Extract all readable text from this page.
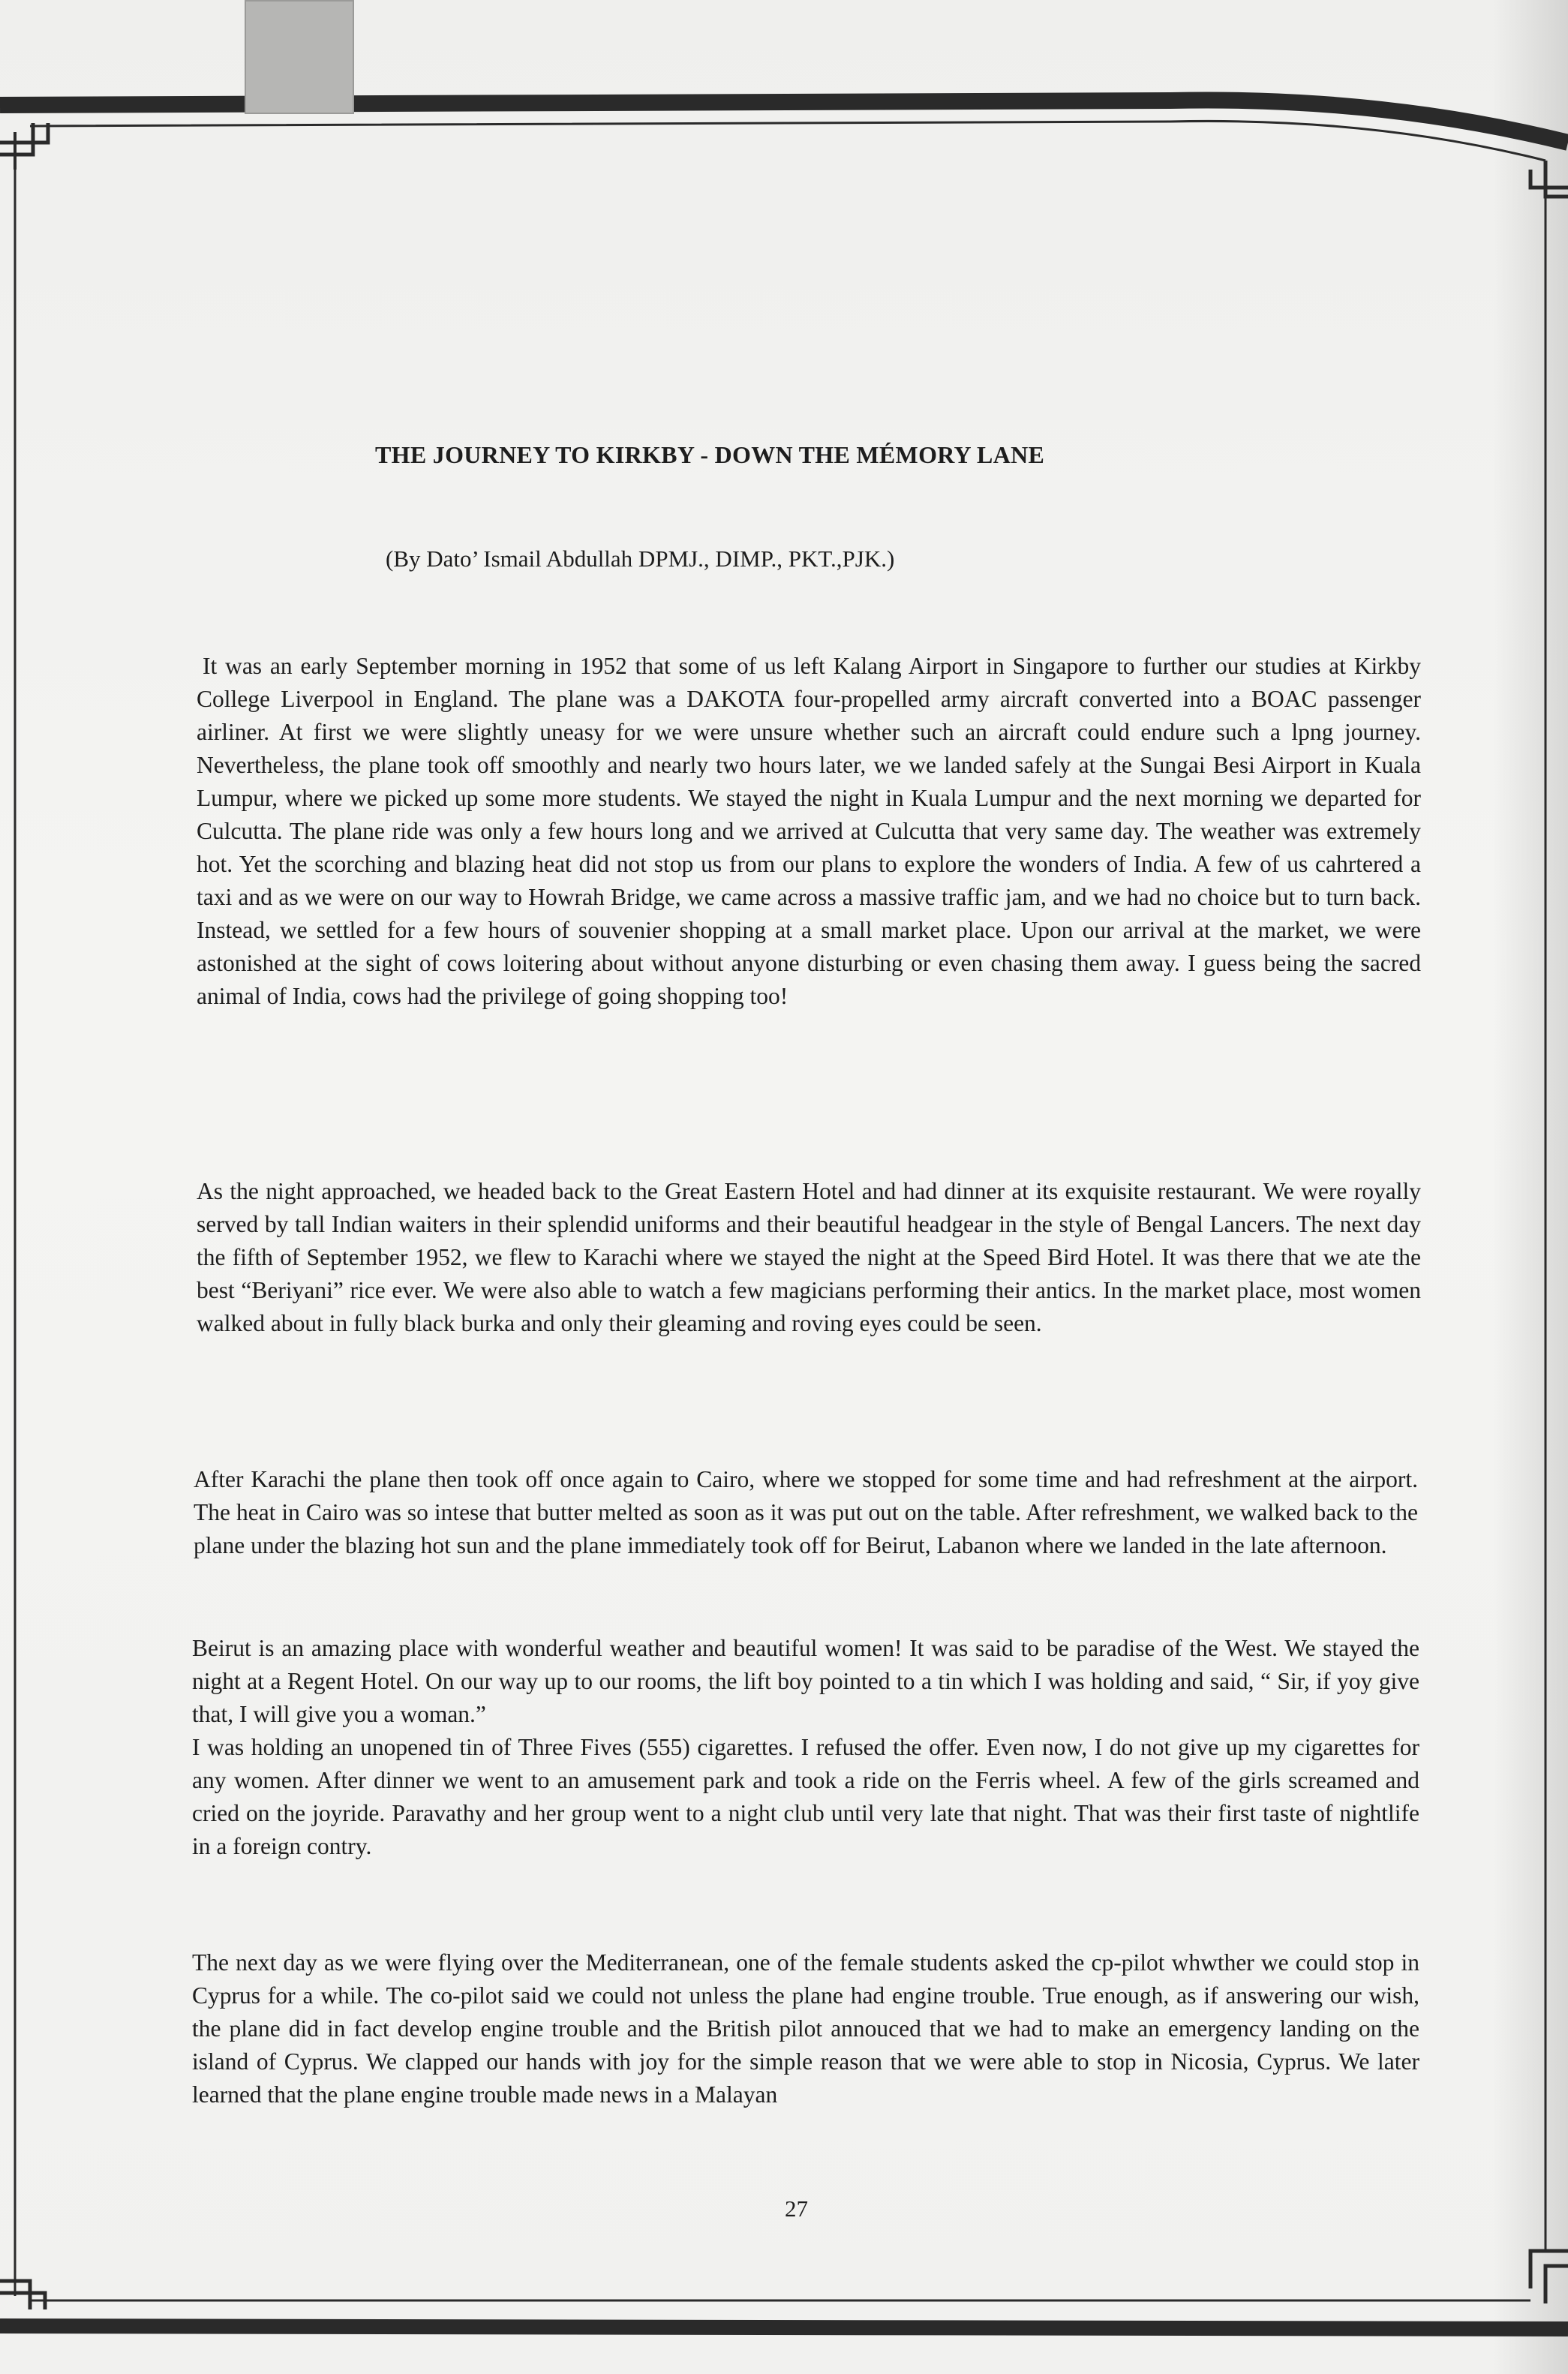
THE JOURNEY TO KIRKBY - DOWN THE MÉMORY LANE
(By Dato’ Ismail Abdullah DPMJ., DIMP., PKT.,PJK.)

It was an early September morning in 1952 that some of us left Kalang Airport in Singapore to further our studies at Kirkby College Liverpool in England. The plane was a DAKOTA four-propelled army aircraft converted into a BOAC passenger airliner. At first we were slightly uneasy for we were unsure whether such an aircraft could endure such a lpng journey. Nevertheless, the plane took off smoothly and nearly two hours later, we we landed safely at the Sungai Besi Airport in Kuala Lumpur, where we picked up some more students. We stayed the night in Kuala Lumpur and the next morning we departed for Culcutta. The plane ride was only a few hours long and we arrived at Culcutta that very same day. The weather was extremely hot. Yet the scorching and blazing heat did not stop us from our plans to explore the wonders of India. A few of us cahrtered a taxi and as we were on our way to Howrah Bridge, we came across a massive traffic jam, and we had no choice but to turn back. Instead, we settled for a few hours of souvenier shopping at a small market place. Upon our arrival at the market, we were astonished at the sight of cows loitering about without anyone disturbing or even chasing them away. I guess being the sacred animal of India, cows had the privilege of going shopping too!

As the night approached, we headed back to the Great Eastern Hotel and had dinner at its exquisite restaurant. We were royally served by tall Indian waiters in their splendid uniforms and their beautiful headgear in the style of Bengal Lancers. The next day the fifth of September 1952, we flew to Karachi where we stayed the night at the Speed Bird Hotel. It was there that we ate the best “Beriyani” rice ever. We were also able to watch a few magicians performing their antics. In the market place, most women walked about in fully black burka and only their gleaming and roving eyes could be seen.

After Karachi the plane then took off once again to Cairo, where we stopped for some time and had refreshment at the airport. The heat in Cairo was so intese that butter melted as soon as it was put out on the table. After refreshment, we walked back to the plane under the blazing hot sun and the plane immediately took off for Beirut, Labanon where we landed in the late afternoon.

Beirut is an amazing place with wonderful weather and beautiful women! It was said to be paradise of the West. We stayed the night at a Regent Hotel. On our way up to our rooms, the lift boy pointed to a tin which I was holding and said, “ Sir, if yoy give that, I will give you a woman.”
I was holding an unopened tin of Three Fives (555) cigarettes. I refused the offer. Even now, I do not give up my cigarettes for any women. After dinner we went to an amusement park and took a ride on the Ferris wheel. A few of the girls screamed and cried on the joyride. Paravathy and her group went to a night club until very late that night. That was their first taste of nightlife in a foreign contry.

The next day as we were flying over the Mediterranean, one of the female students asked the cp-pilot whwther we could stop in Cyprus for a while. The co-pilot said we could not unless the plane had engine trouble. True enough, as if answering our wish, the plane did in fact develop engine trouble and the British pilot annouced that we had to make an emergency landing on the island of Cyprus. We clapped our hands with joy for the simple reason that we were able to stop in Nicosia, Cyprus. We later learned that the plane engine trouble made news in a Malayan

27
